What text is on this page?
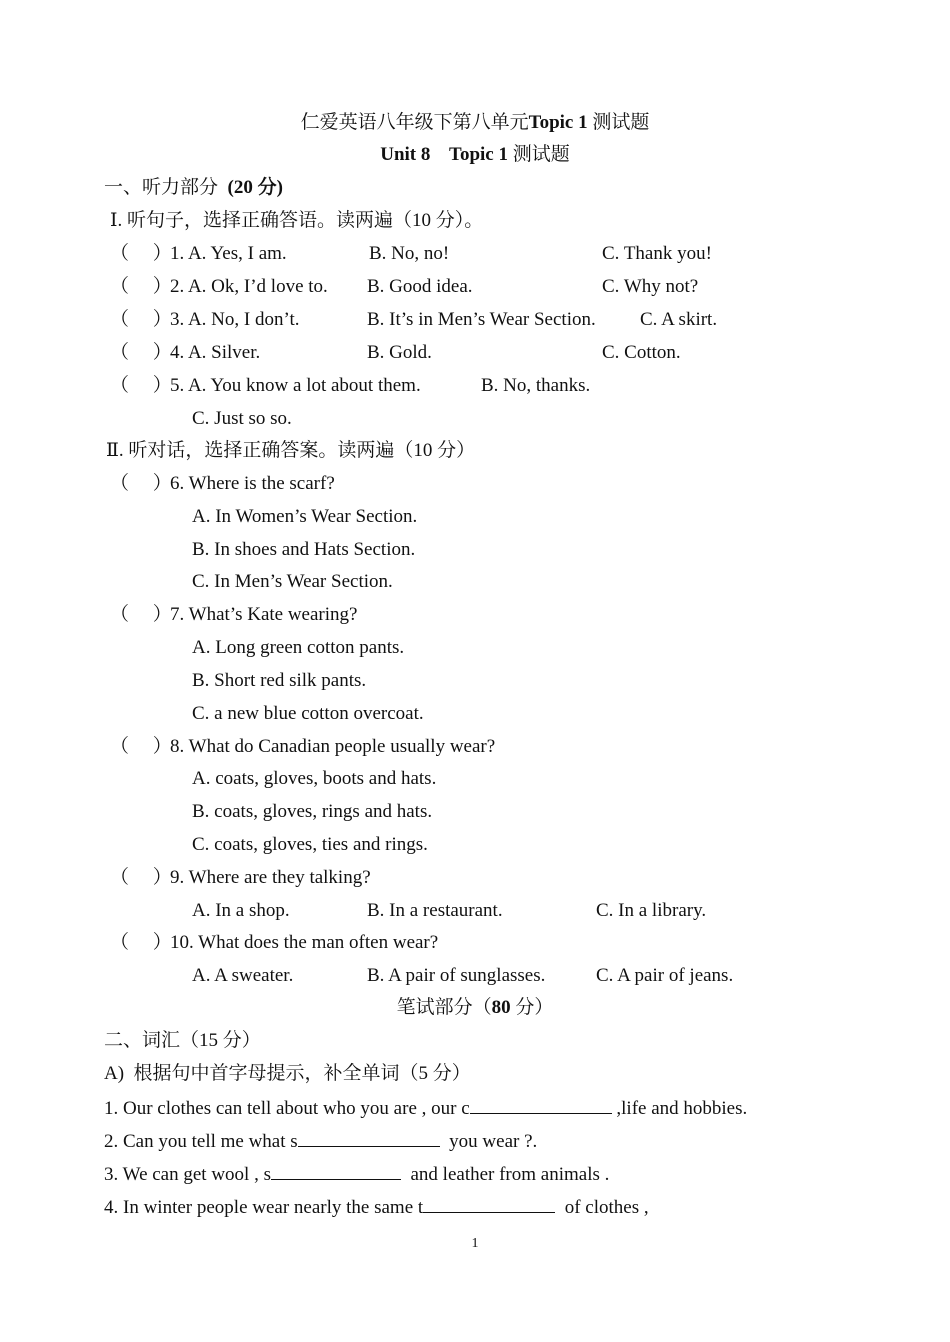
仁爱英语八年级下第八单元Topic 1 测试题
Unit 8    Topic 1 测试题
一、听力部分 (20 分)
Ⅰ. 听句子，选择正确答语。读两遍（10 分）。
（     ）
1. A. Yes, I am.	B. No, no!	C. Thank you!
（     ）
2. A. Ok, I’d love to. B. Good idea.	C. Why not?
（     ）
3. A. No, I don’t.	B. It’s in Men’s Wear Section. C. A skirt.
（     ）
4. A. Silver.	B. Gold.	C. Cotton.
（     ）
5. A. You know a lot about them.	B. No, thanks.
C. Just so so.
Ⅱ. 听对话，选择正确答案。读两遍（10 分）
（     ）
6. Where is the scarf?
A. In Women’s Wear Section.
B. In shoes and Hats Section.
C. In Men’s Wear Section.
（     ）
7. What’s Kate wearing?
A. Long green cotton pants.
B. Short red silk pants.
C. a new blue cotton overcoat.
（     ）
8. What do Canadian people usually wear?
A. coats, gloves, boots and hats.
B. coats, gloves, rings and hats.
C. coats, gloves, ties and rings.
（     ）
9. Where are they talking?
A. In a shop.	B. In a restaurant.	C. In a library.
（     ）
10. What does the man often wear?
A. A sweater.	B. A pair of sunglasses.	C. A pair of jeans.
笔试部分（80 分）
二、词汇（15 分）
A)  根据句中首字母提示，补全单词（5 分）
1. Our clothes can tell about who you are , our c	,life and hobbies.
2. Can you tell me what s	you wear ?.
3. We can get wool , s	and leather from animals .
4. In winter people wear nearly the same t	of clothes ,
1
